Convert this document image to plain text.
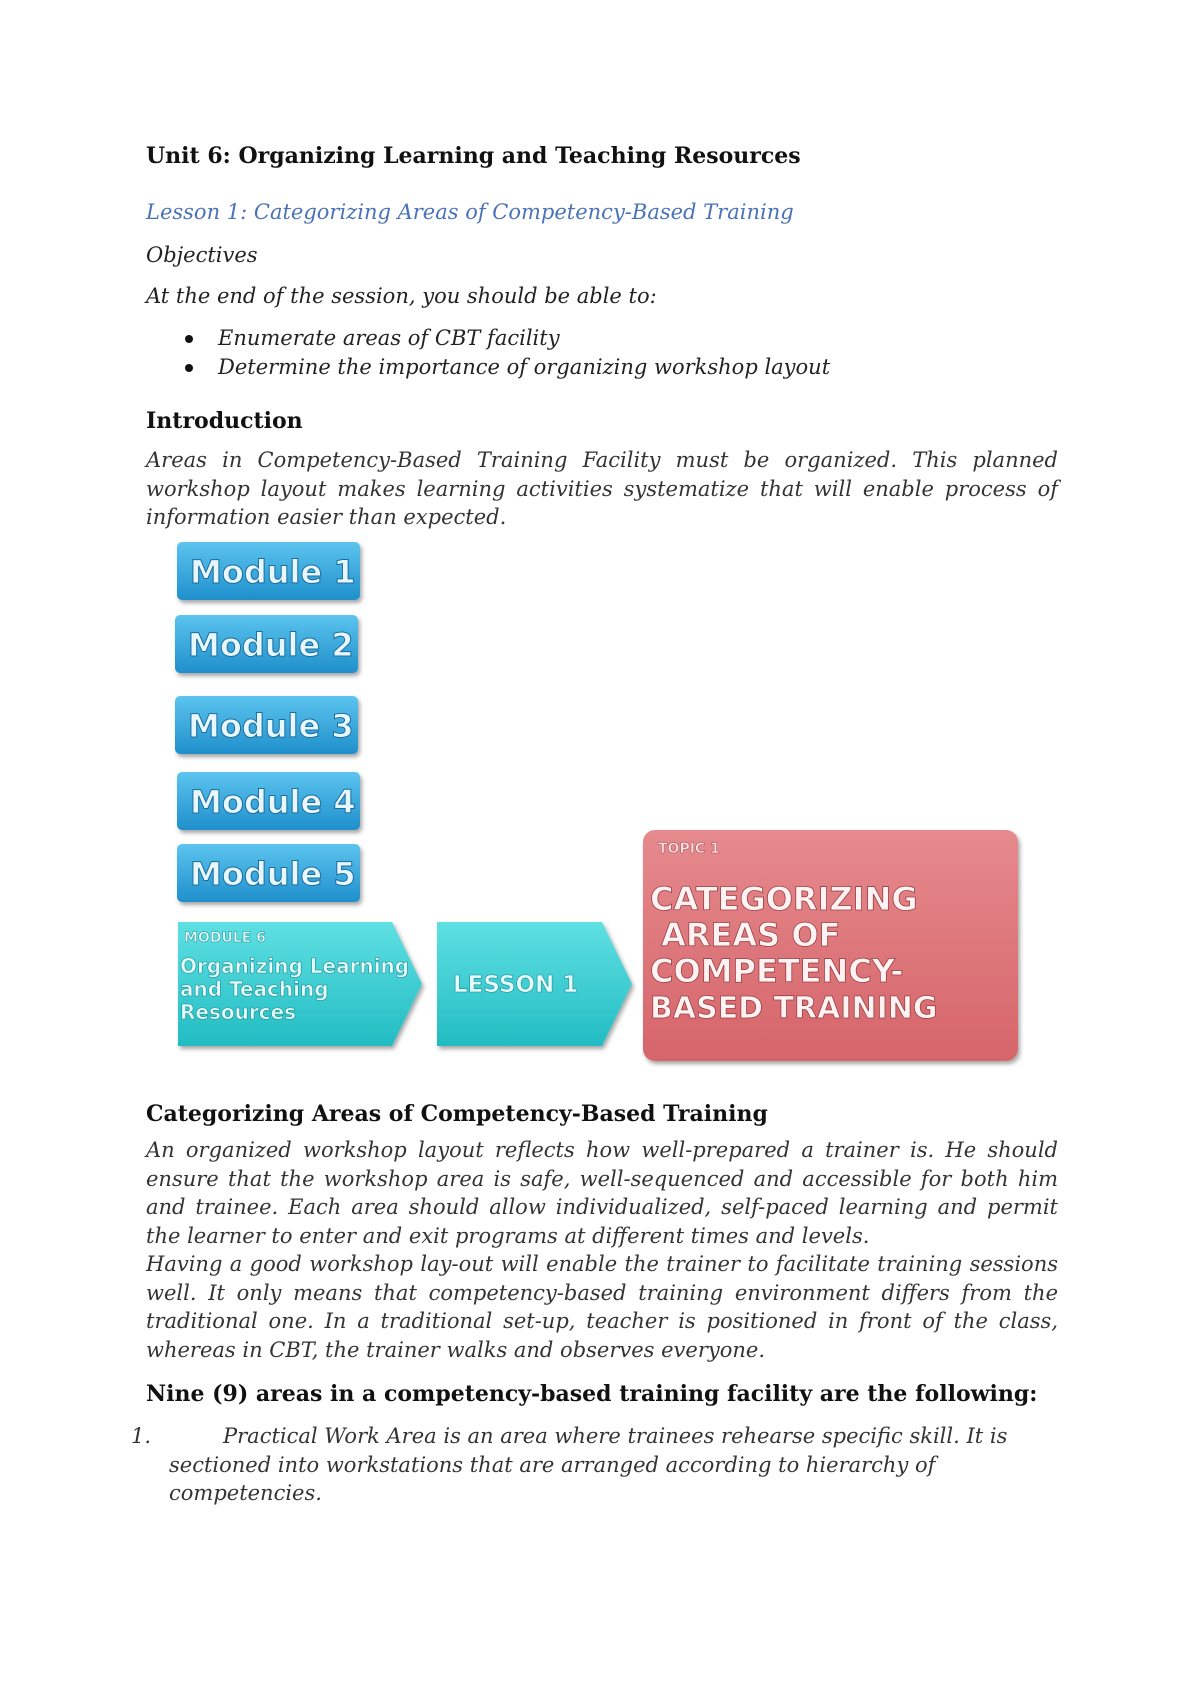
Unit 6: Organizing Learning and Teaching Resources
Lesson 1: Categorizing Areas of Competency-Based Training
Objectives
At the end of the session, you should be able to:
Enumerate areas of CBT facility
Determine the importance of organizing workshop layout
Introduction
Areas in Competency-Based Training Facility must be organized. This planned workshop layout makes learning activities systematize that will enable process of information easier than expected.
Module 1
Module 2
Module 3
Module 4
Module 5
MODULE 6
Organizing Learning
and Teaching
Resources
LESSON 1
TOPIC 1
CATEGORIZING
AREAS OF
COMPETENCY-
BASED TRAINING
Categorizing Areas of Competency-Based Training
An organized workshop layout reflects how well-prepared a trainer is. He should ensure that the workshop area is safe, well-sequenced and accessible for both him and trainee. Each area should allow individualized, self-paced learning and permit the learner to enter and exit programs at different times and levels.
Having a good workshop lay-out will enable the trainer to facilitate training sessions well. It only means that competency-based training environment differs from the traditional one. In a traditional set-up, teacher is positioned in front of the class, whereas in CBT, the trainer walks and observes everyone.
Nine (9) areas in a competency-based training facility are the following:
1.	Practical Work Area is an area where trainees rehearse specific skill. It is sectioned into workstations that are arranged according to hierarchy of competencies.
